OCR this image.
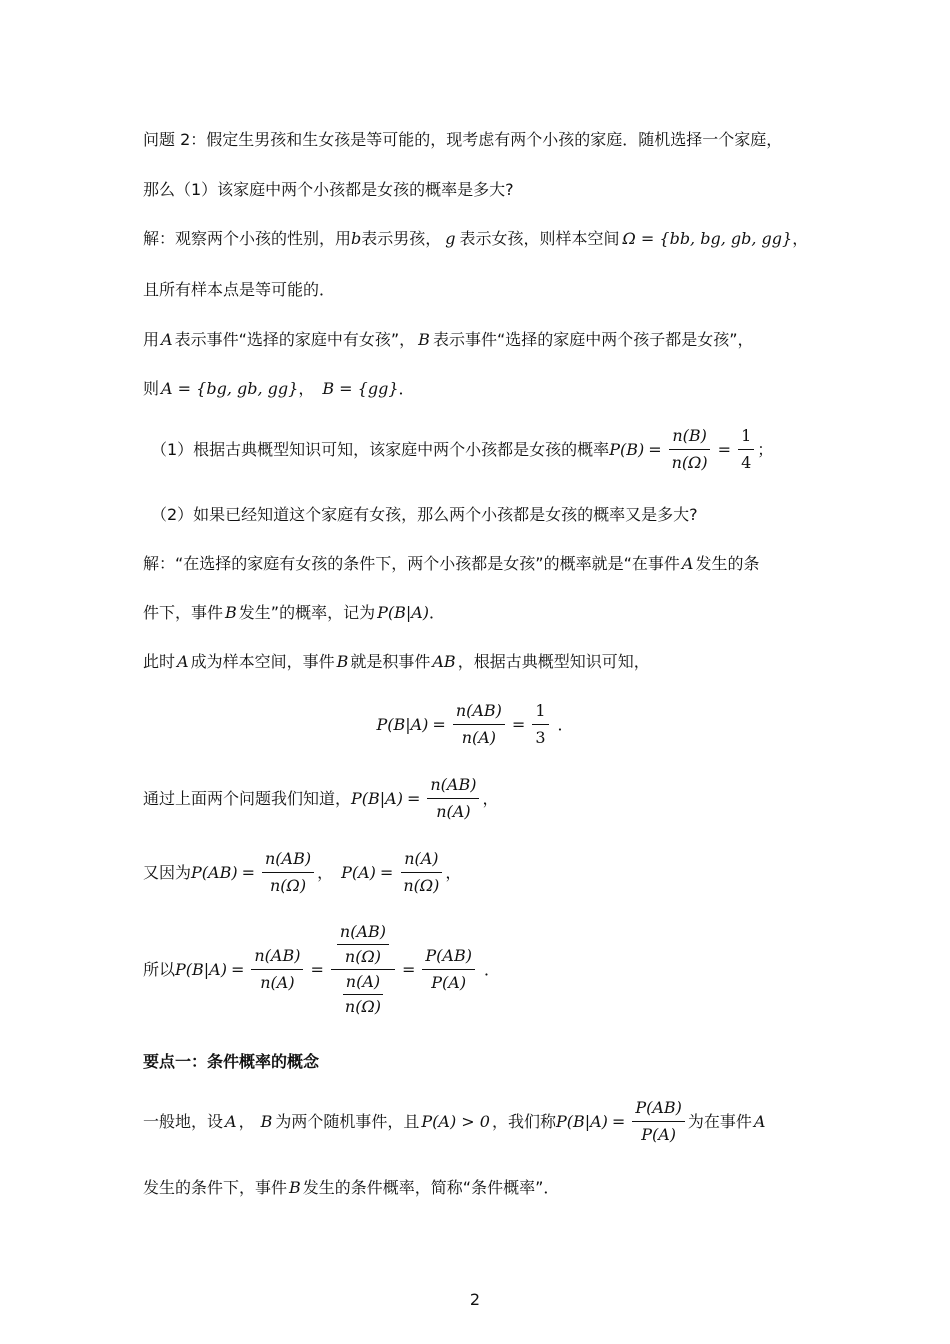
问题 2：假定生男孩和生女孩是等可能的，现考虑有两个小孩的家庭．随机选择一个家庭，
那么（1）该家庭中两个小孩都是女孩的概率是多大?
解：观察两个小孩的性别，用 b 表示男孩， g 表示女孩，则样本空间 Ω = {bb, bg, gb, gg} ，
且所有样本点是等可能的．
用 A 表示事件“选择的家庭中有女孩”， B 表示事件“选择的家庭中两个孩子都是女孩”，
则 A = {bg, gb, gg} ， B = {gg} ．
（1）根据古典概型知识可知，该家庭中两个小孩都是女孩的概率 $P(B) = \frac{n(B)}{n(\Omega)} = \frac{1}{4}$ ；
（2）如果已经知道这个家庭有女孩，那么两个小孩都是女孩的概率又是多大?
解：“在选择的家庭有女孩的条件下，两个小孩都是女孩”的概率就是“在事件 A 发生的条
件下，事件 B 发生”的概率，记为 P(B|A) ．
此时 A 成为样本空间，事件 B 就是积事件 AB ，根据古典概型知识可知，
$P(B|A) = \frac{n(AB)}{n(A)} = \frac{1}{3}$ ．
通过上面两个问题我们知道， $P(B|A) = \frac{n(AB)}{n(A)}$ ，
又因为 $P(AB) = \frac{n(AB)}{n(\Omega)}$ ， $P(A) = \frac{n(A)}{n(\Omega)}$ ，
所以 $P(B|A) = \frac{n(AB)}{n(A)} = \frac{\frac{n(AB)}{n(\Omega)}}{\frac{n(A)}{n(\Omega)}} = \frac{P(AB)}{P(A)}$ ．
要点一：条件概率的概念
一般地，设 A ， B 为两个随机事件，且 P(A) > 0 ，我们称 $P(B|A) = \frac{P(AB)}{P(A)}$ 为在事件 A
发生的条件下，事件 B 发生的条件概率，简称“条件概率”．
2
